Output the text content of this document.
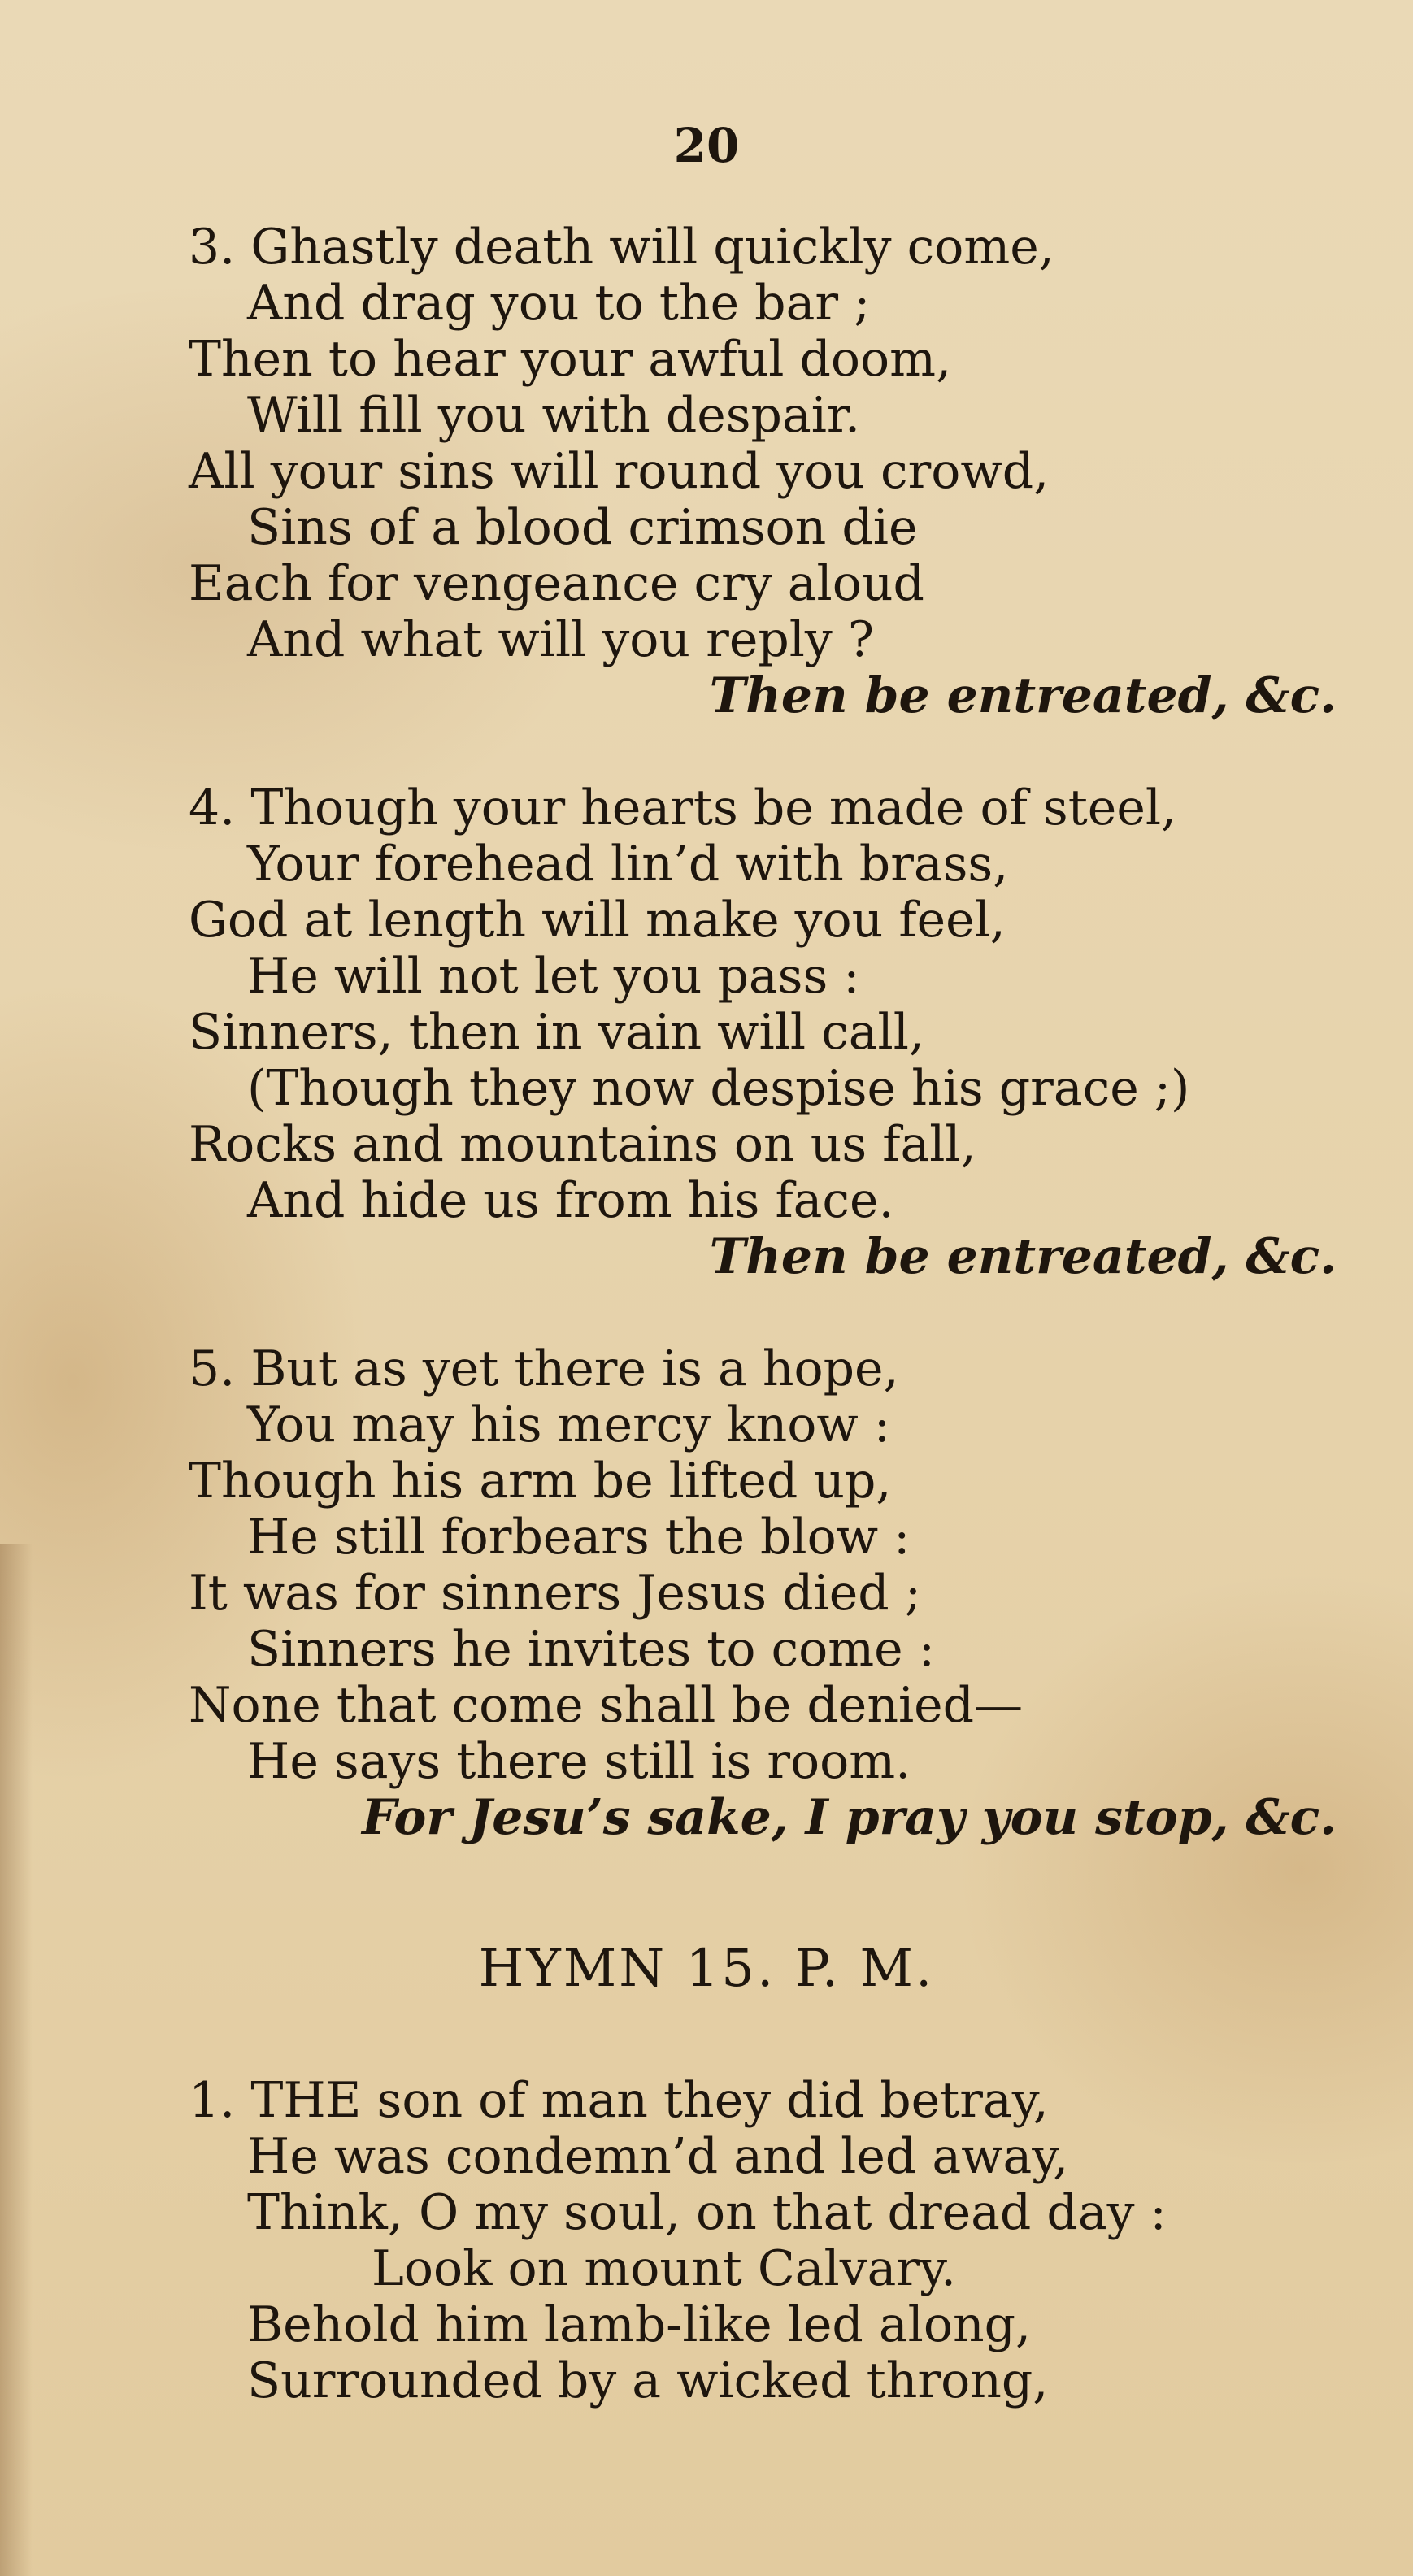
20
3. Ghastly death will quickly come,
And drag you to the bar ;
Then to hear your awful doom,
Will fill you with despair.
All your sins will round you crowd,
Sins of a blood crimson die
Each for vengeance cry aloud
And what will you reply ?
Then be entreated, &c.
4. Though your hearts be made of steel,
Your forehead lin’d with brass,
God at length will make you feel,
He will not let you pass :
Sinners, then in vain will call,
(Though they now despise his grace ;)
Rocks and mountains on us fall,
And hide us from his face.
Then be entreated, &c.
5. But as yet there is a hope,
You may his mercy know :
Though his arm be lifted up,
He still forbears the blow :
It was for sinners Jesus died ;
Sinners he invites to come :
None that come shall be denied—
He says there still is room.
For Jesu’s sake, I pray you stop, &c.
HYMN 15. P. M.
1. THE son of man they did betray,
He was condemn’d and led away,
Think, O my soul, on that dread day :
Look on mount Calvary.
Behold him lamb-like led along,
Surrounded by a wicked throng,
